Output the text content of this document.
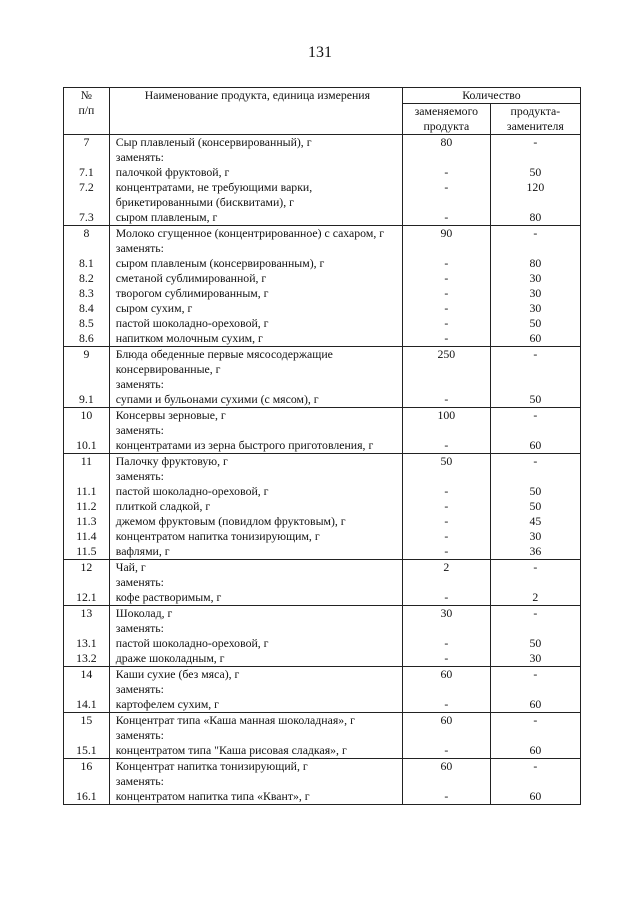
131
№
п/п	Наименование продукта, единица измерения	Количество	
		заменяемого продукта	продукта-заменителя
7	Сыр плавленый (консервированный), г	80	-
	заменять:		
7.1	палочкой фруктовой, г	-	50
7.2	концентратами, не требующими варки,	-	120
	брикетированными (бисквитами), г		
7.3	сыром плавленым, г	-	80
8	Молоко сгущенное (концентрированное) с сахаром, г	90	-
	заменять:		
8.1	сыром плавленым (консервированным), г	-	80
8.2	сметаной сублимированной, г	-	30
8.3	творогом сублимированным, г	-	30
8.4	сыром сухим, г	-	30
8.5	пастой шоколадно-ореховой, г	-	50
8.6	напитком молочным сухим, г	-	60
9	Блюда обеденные первые мясосодержащие	250	-
	консервированные, г		
	заменять:		
9.1	супами и бульонами сухими (с мясом), г	-	50
10	Консервы зерновые, г	100	-
	заменять:		
10.1	концентратами из зерна быстрого приготовления, г	-	60
11	Палочку фруктовую, г	50	-
	заменять:		
11.1	пастой шоколадно-ореховой, г	-	50
11.2	плиткой сладкой, г	-	50
11.3	джемом фруктовым (повидлом фруктовым), г	-	45
11.4	концентратом напитка тонизирующим, г	-	30
11.5	вафлями, г	-	36
12	Чай, г	2	-
	заменять:		
12.1	кофе растворимым, г	-	2
13	Шоколад, г	30	-
	заменять:		
13.1	пастой шоколадно-ореховой, г	-	50
13.2	драже шоколадным, г	-	30
14	Каши сухие (без мяса), г	60	-
	заменять:		
14.1	картофелем сухим, г	-	60
15	Концентрат типа «Каша манная шоколадная», г	60	-
	заменять:		
15.1	концентратом типа "Каша рисовая сладкая», г	-	60
16	Концентрат напитка тонизирующий, г	60	-
	заменять:		
16.1	концентратом напитка типа «Квант», г	-	60
